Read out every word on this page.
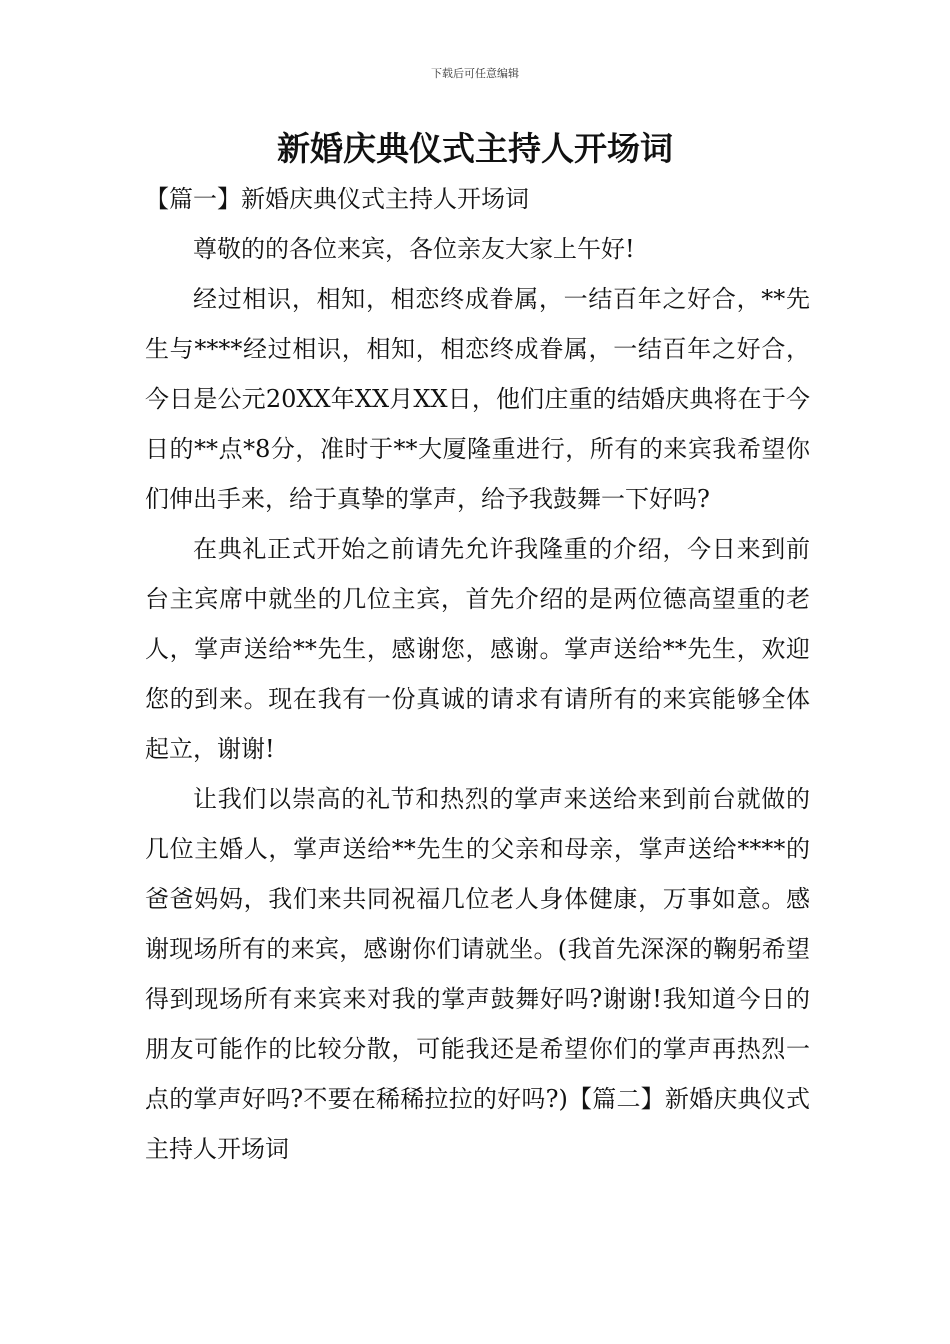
下载后可任意编辑
新婚庆典仪式主持人开场词

【篇一】新婚庆典仪式主持人开场词

尊敬的的各位来宾，各位亲友大家上午好!

经过相识，相知，相恋终成眷属，一结百年之好合，**先生与****经过相识，相知，相恋终成眷属，一结百年之好合，今日是公元20XX年XX月XX日，他们庄重的结婚庆典将在于今日的**点*8分，准时于**大厦隆重进行，所有的来宾我希望你们伸出手来，给于真挚的掌声，给予我鼓舞一下好吗?

在典礼正式开始之前请先允许我隆重的介绍，今日来到前台主宾席中就坐的几位主宾，首先介绍的是两位德高望重的老人，掌声送给**先生，感谢您，感谢。掌声送给**先生，欢迎您的到来。现在我有一份真诚的请求有请所有的来宾能够全体起立，谢谢!

让我们以崇高的礼节和热烈的掌声来送给来到前台就做的几位主婚人，掌声送给**先生的父亲和母亲，掌声送给****的爸爸妈妈，我们来共同祝福几位老人身体健康，万事如意。感谢现场所有的来宾，感谢你们请就坐。(我首先深深的鞠躬希望得到现场所有来宾来对我的掌声鼓舞好吗?谢谢!我知道今日的朋友可能作的比较分散，可能我还是希望你们的掌声再热烈一点的掌声好吗?不要在稀稀拉拉的好吗?)【篇二】新婚庆典仪式主持人开场词
